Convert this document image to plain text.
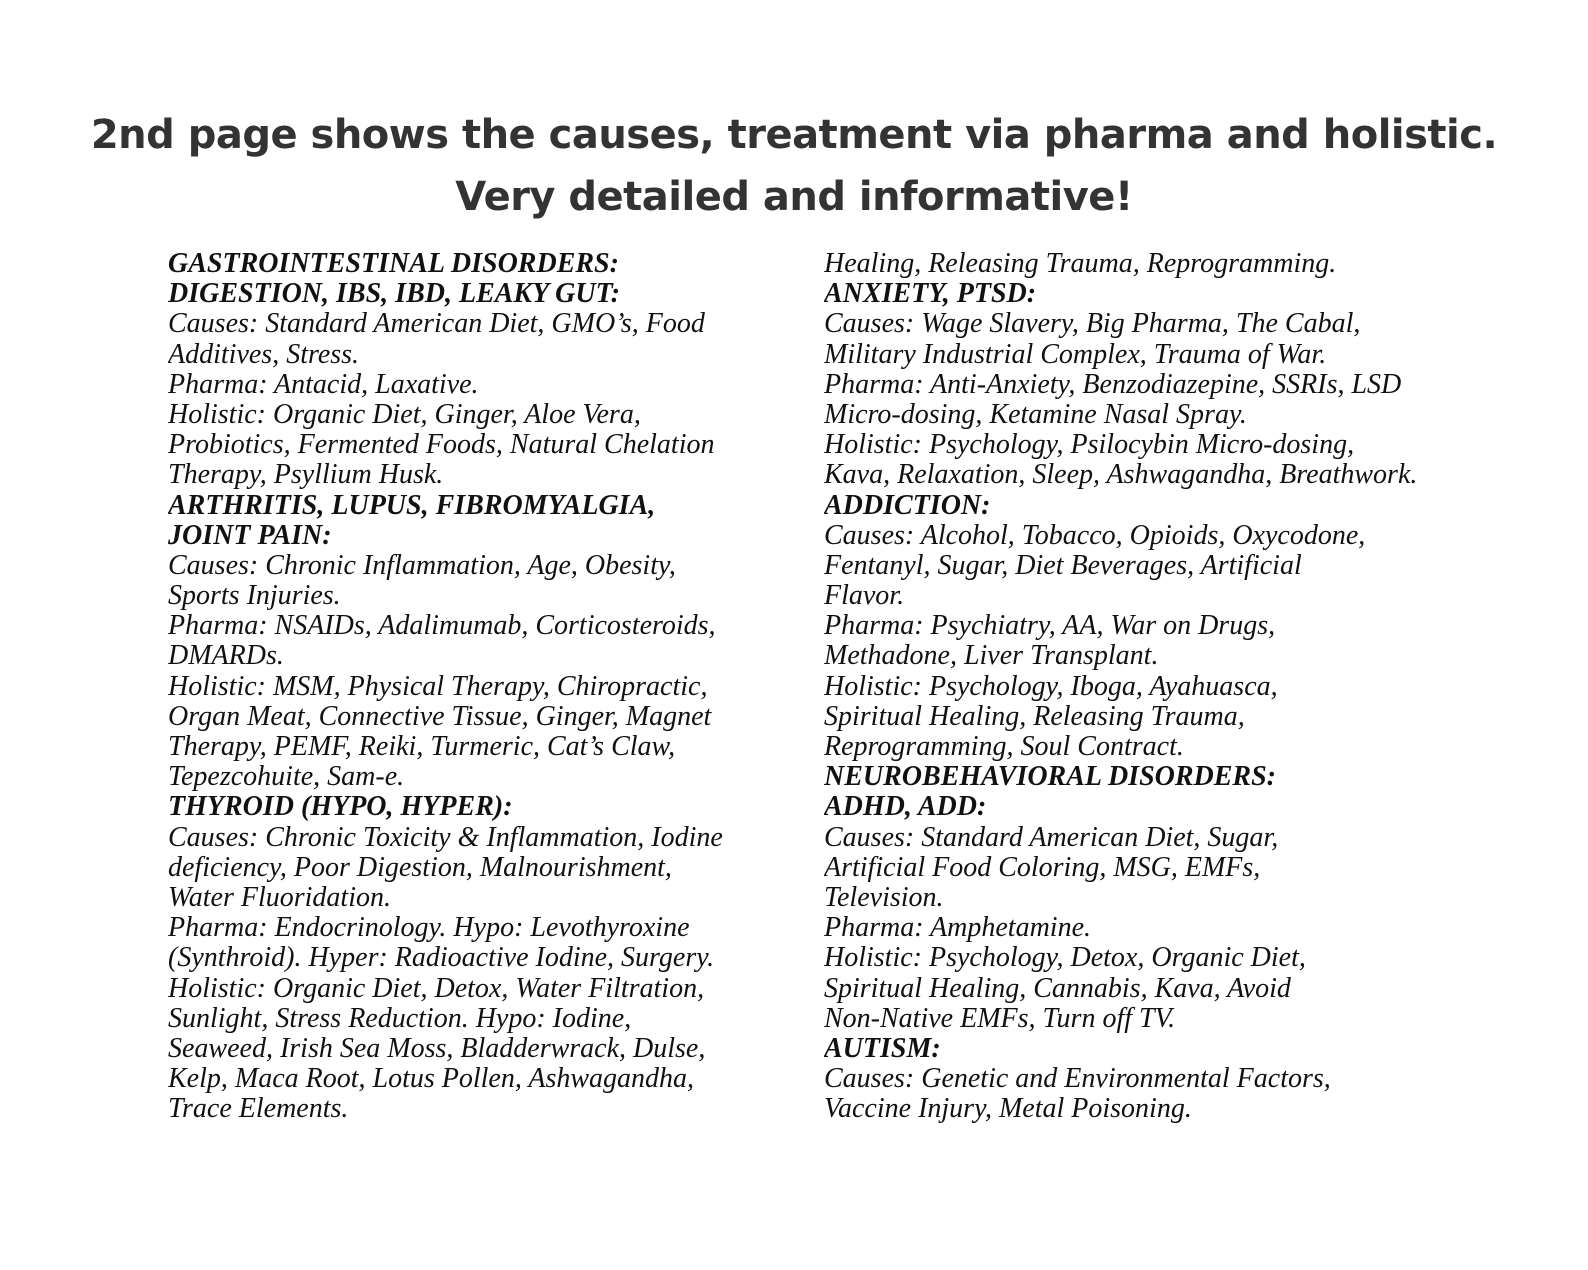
2nd page shows the causes, treatment via pharma and holistic.
Very detailed and informative!
GASTROINTESTINAL DISORDERS:
DIGESTION, IBS, IBD, LEAKY GUT:
Causes: Standard American Diet, GMO’s, Food
Additives, Stress.
Pharma: Antacid, Laxative.
Holistic: Organic Diet, Ginger, Aloe Vera,
Probiotics, Fermented Foods, Natural Chelation
Therapy, Psyllium Husk.
ARTHRITIS, LUPUS, FIBROMYALGIA,
JOINT PAIN:
Causes: Chronic Inflammation, Age, Obesity,
Sports Injuries.
Pharma: NSAIDs, Adalimumab, Corticosteroids,
DMARDs.
Holistic: MSM, Physical Therapy, Chiropractic,
Organ Meat, Connective Tissue, Ginger, Magnet
Therapy, PEMF, Reiki, Turmeric, Cat’s Claw,
Tepezcohuite, Sam-e.
THYROID (HYPO, HYPER):
Causes: Chronic Toxicity & Inflammation, Iodine
deficiency, Poor Digestion, Malnourishment,
Water Fluoridation.
Pharma: Endocrinology. Hypo: Levothyroxine
(Synthroid). Hyper: Radioactive Iodine, Surgery.
Holistic: Organic Diet, Detox, Water Filtration,
Sunlight, Stress Reduction. Hypo: Iodine,
Seaweed, Irish Sea Moss, Bladderwrack, Dulse,
Kelp, Maca Root, Lotus Pollen, Ashwagandha,
Trace Elements.
Healing, Releasing Trauma, Reprogramming.
ANXIETY, PTSD:
Causes: Wage Slavery, Big Pharma, The Cabal,
Military Industrial Complex, Trauma of War.
Pharma: Anti-Anxiety, Benzodiazepine, SSRIs, LSD
Micro-dosing, Ketamine Nasal Spray.
Holistic: Psychology, Psilocybin Micro-dosing,
Kava, Relaxation, Sleep, Ashwagandha, Breathwork.
ADDICTION:
Causes: Alcohol, Tobacco, Opioids, Oxycodone,
Fentanyl, Sugar, Diet Beverages, Artificial
Flavor.
Pharma: Psychiatry, AA, War on Drugs,
Methadone, Liver Transplant.
Holistic: Psychology, Iboga, Ayahuasca,
Spiritual Healing, Releasing Trauma,
Reprogramming, Soul Contract.
NEUROBEHAVIORAL DISORDERS:
ADHD, ADD:
Causes: Standard American Diet, Sugar,
Artificial Food Coloring, MSG, EMFs,
Television.
Pharma: Amphetamine.
Holistic: Psychology, Detox, Organic Diet,
Spiritual Healing, Cannabis, Kava, Avoid
Non-Native EMFs, Turn off TV.
AUTISM:
Causes: Genetic and Environmental Factors,
Vaccine Injury, Metal Poisoning.
